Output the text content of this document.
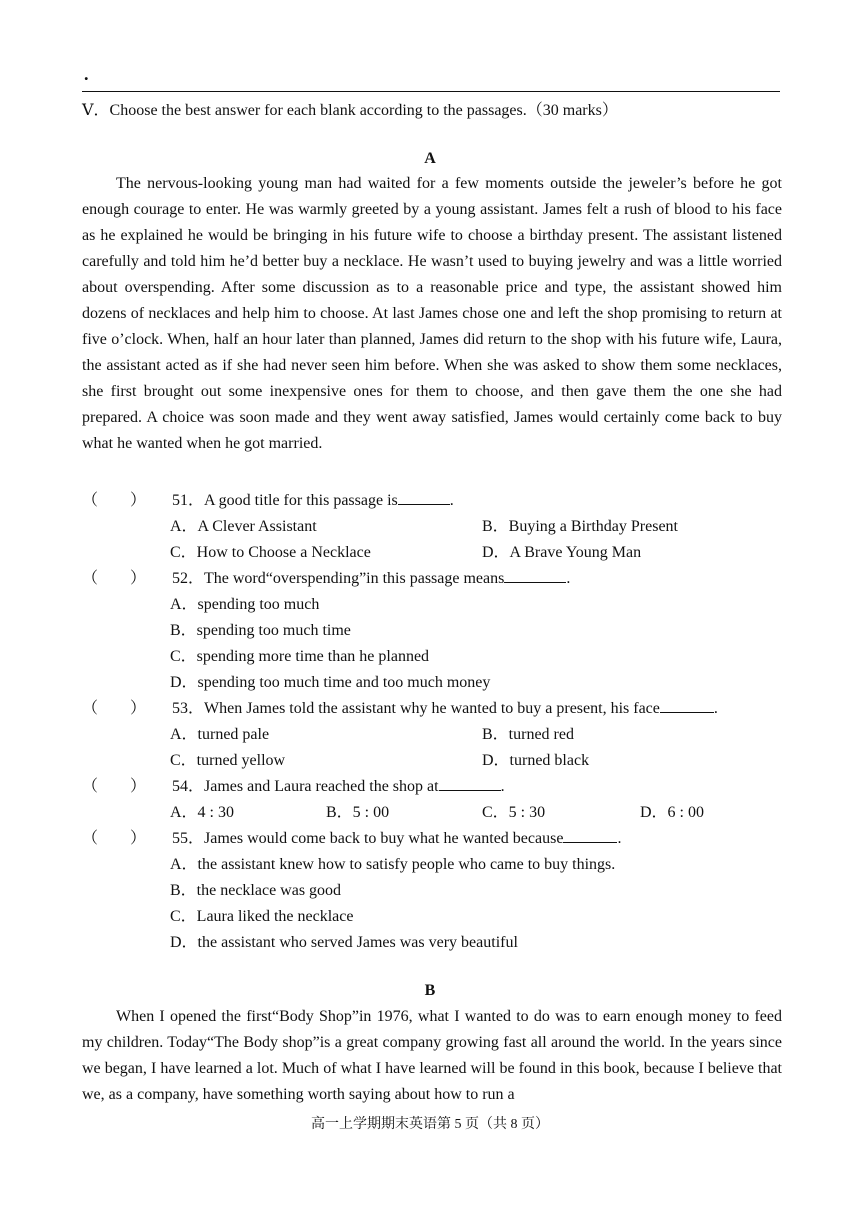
.
Ⅴ．Choose the best answer for each blank according to the passages.（30 marks）
A
The nervous-looking young man had waited for a few moments outside the jeweler’s before he got enough courage to enter. He was warmly greeted by a young assistant. James felt a rush of blood to his face as he explained he would be bringing in his future wife to choose a birthday present. The assistant listened carefully and told him he’d better buy a necklace. He wasn’t used to buying jewelry and was a little worried about overspending. After some discussion as to a reasonable price and type, the assistant showed him dozens of necklaces and help him to choose. At last James chose one and left the shop promising to return at five o’clock. When, half an hour later than planned, James did return to the shop with his future wife, Laura, the assistant acted as if she had never seen him before. When she was asked to show them some necklaces, she first brought out some inexpensive ones for them to choose, and then gave them the one she had prepared. A choice was soon made and they went away satisfied, James would certainly come back to buy what he wanted when he got married.
（　　） 51．A good title for this passage is	.
A．A Clever Assistant	B．Buying a Birthday Present
C．How to Choose a Necklace	D．A Brave Young Man
（　　） 52．The word“overspending”in this passage means	.
A．spending too much
B．spending too much time
C．spending more time than he planned
D．spending too much time and too much money
（　　） 53．When James told the assistant why he wanted to buy a present, his face	.
A．turned pale	B．turned red
C．turned yellow	D．turned black
（　　） 54．James and Laura reached the shop at	.
A．4 : 30	B．5 : 00	C．5 : 30	D．6 : 00
（　　） 55．James would come back to buy what he wanted because	.
A．the assistant knew how to satisfy people who came to buy things.
B．the necklace was good
C．Laura liked the necklace
D．the assistant who served James was very beautiful
B
When I opened the first“Body Shop”in 1976, what I wanted to do was to earn enough money to feed my children. Today“The Body shop”is a great company growing fast all around the world. In the years since we began, I have learned a lot. Much of what I have learned will be found in this book, because I believe that we, as a company, have something worth saying about how to run a
高一上学期期末英语第 5 页（共 8 页）
